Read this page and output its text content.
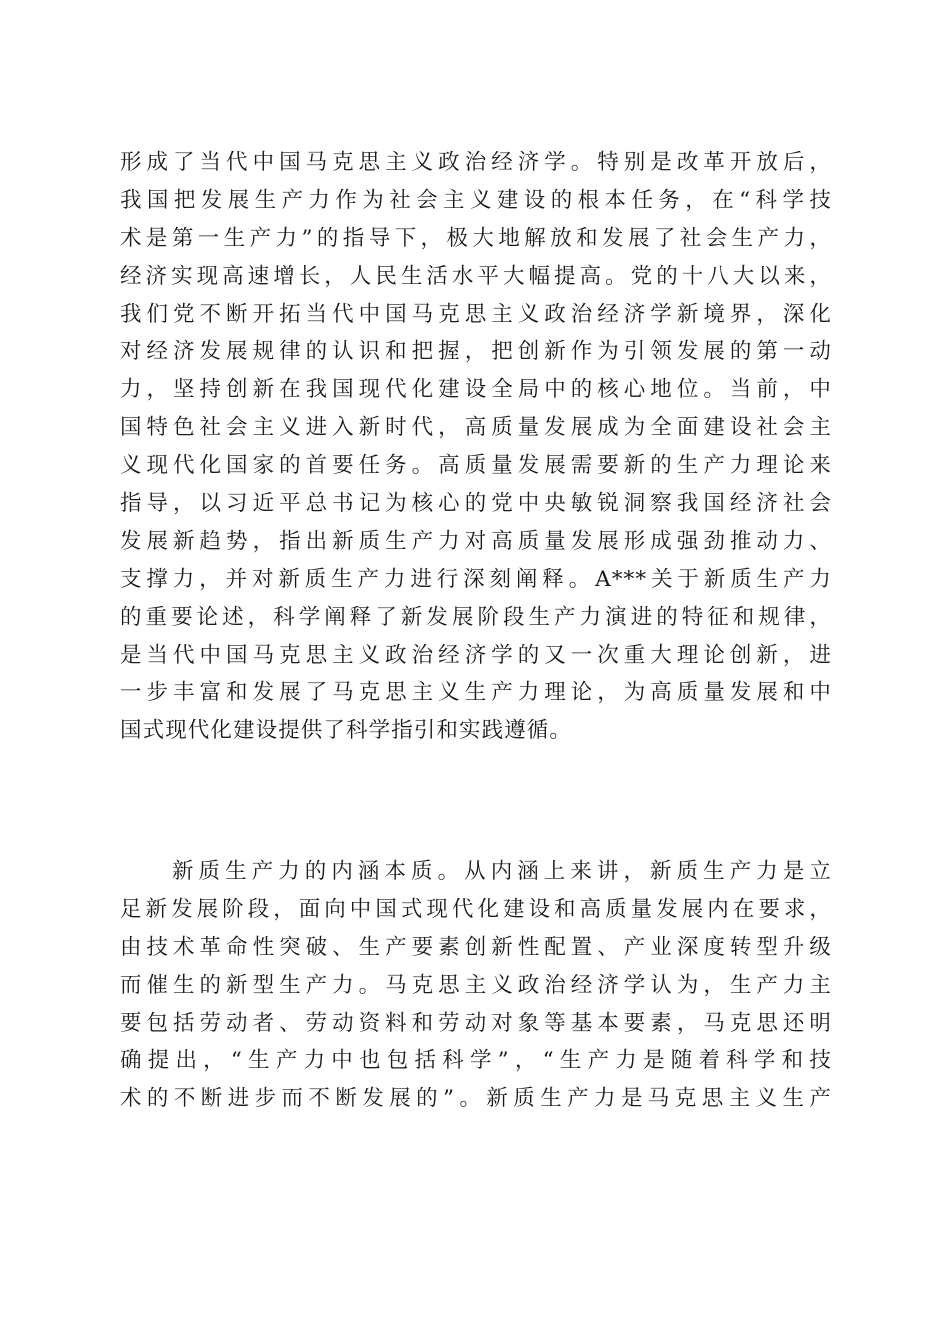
形成了当代中国马克思主义政治经济学。特别是改革开放后，
我国把发展生产力作为社会主义建设的根本任务，在“科学技
术是第一生产力”的指导下，极大地解放和发展了社会生产力，
经济实现高速增长，人民生活水平大幅提高。党的十八大以来，
我们党不断开拓当代中国马克思主义政治经济学新境界，深化
对经济发展规律的认识和把握，把创新作为引领发展的第一动
力，坚持创新在我国现代化建设全局中的核心地位。当前，中
国特色社会主义进入新时代，高质量发展成为全面建设社会主
义现代化国家的首要任务。高质量发展需要新的生产力理论来
指导，以习近平总书记为核心的党中央敏锐洞察我国经济社会
发展新趋势，指出新质生产力对高质量发展形成强劲推动力、
支撑力，并对新质生产力进行深刻阐释。A***关于新质生产力
的重要论述，科学阐释了新发展阶段生产力演进的特征和规律，
是当代中国马克思主义政治经济学的又一次重大理论创新，进
一步丰富和发展了马克思主义生产力理论，为高质量发展和中
国式现代化建设提供了科学指引和实践遵循。
新质生产力的内涵本质。从内涵上来讲，新质生产力是立
足新发展阶段，面向中国式现代化建设和高质量发展内在要求，
由技术革命性突破、生产要素创新性配置、产业深度转型升级
而催生的新型生产力。马克思主义政治经济学认为，生产力主
要包括劳动者、劳动资料和劳动对象等基本要素，马克思还明
确提出，“生产力中也包括科学”，“生产力是随着科学和技
术的不断进步而不断发展的”。新质生产力是马克思主义生产
